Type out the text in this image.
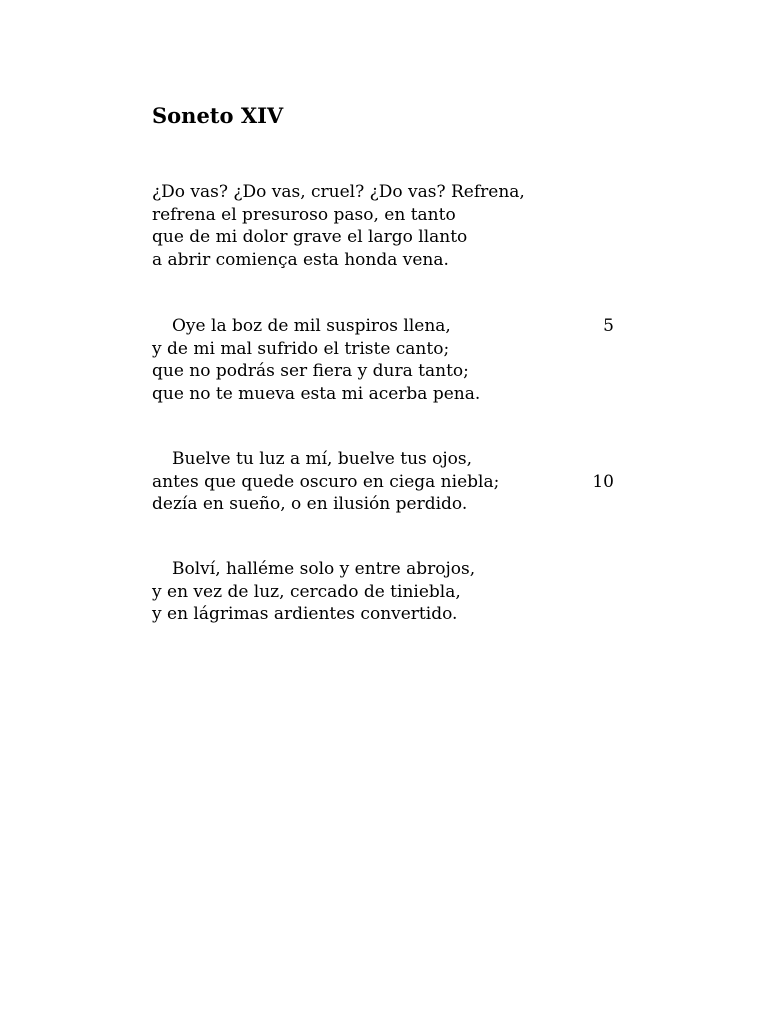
Soneto XIV
¿Do vas? ¿Do vas, cruel? ¿Do vas? Refrena,
refrena el presuroso paso, en tanto
que de mi dolor grave el largo llanto
a abrir comiença esta honda vena.
Oye la boz de mil suspiros llena,	5
y de mi mal sufrido el triste canto;
que no podrás ser fiera y dura tanto;
que no te mueva esta mi acerba pena.
Buelve tu luz a mí, buelve tus ojos,
antes que quede oscuro en ciega niebla;	10
dezía en sueño, o en ilusión perdido.
Bolví, halléme solo y entre abrojos,
y en vez de luz, cercado de tiniebla,
y en lágrimas ardientes convertido.
